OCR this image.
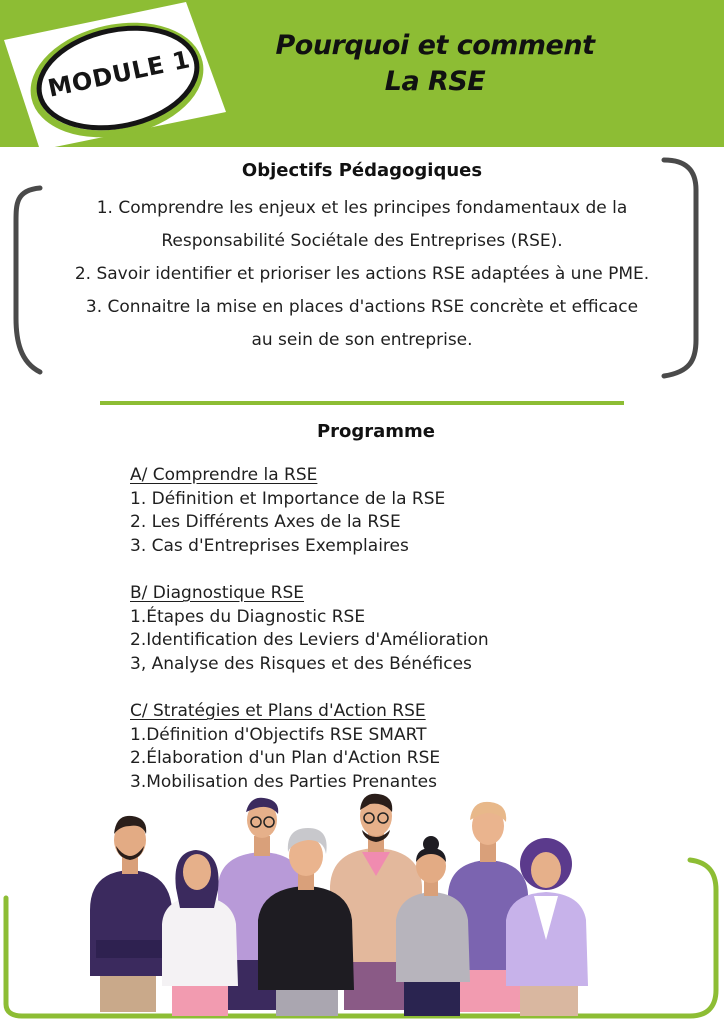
MODULE 1	Pourquoi et comment
La RSE
Objectifs Pédagogiques
1. Comprendre les enjeux et les principes fondamentaux de la
Responsabilité Sociétale des Entreprises (RSE).
2. Savoir identifier et prioriser les actions RSE adaptées à une PME.
3. Connaitre la mise en places d'actions RSE concrète et efficace
au sein de son entreprise.
Programme
A/ Comprendre la RSE
1. Définition et Importance de la RSE
2. Les Différents Axes de la RSE
3. Cas d'Entreprises Exemplaires
B/ Diagnostique RSE
1.Étapes du Diagnostic RSE
2.Identification des Leviers d'Amélioration
3, Analyse des Risques et des Bénéfices
C/ Stratégies et Plans d'Action RSE
1.Définition d'Objectifs RSE SMART
2.Élaboration d'un Plan d'Action RSE
3.Mobilisation des Parties Prenantes
